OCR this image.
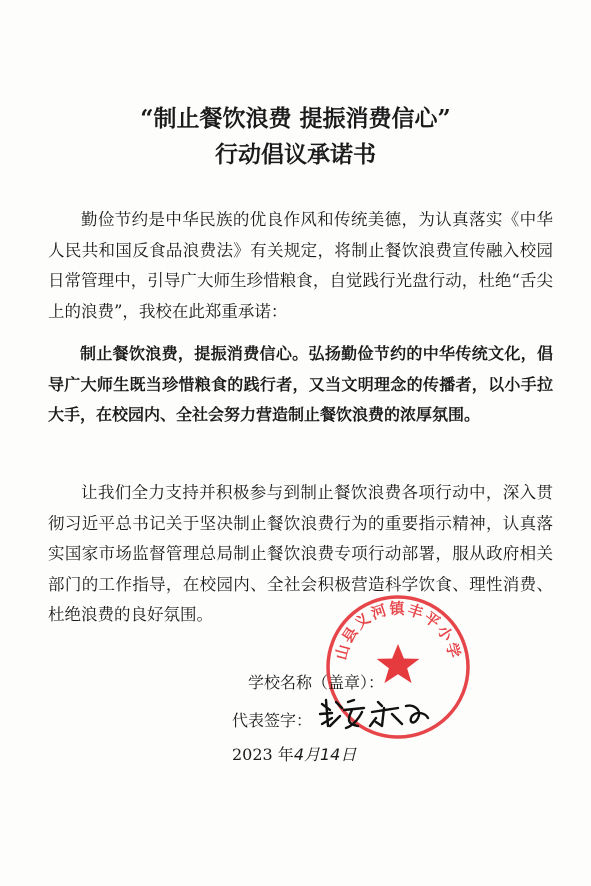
“制止餐饮浪费 提振消费信心”
行动倡议承诺书

勤俭节约是中华民族的优良作风和传统美德，为认真落实《中华人民共和国反食品浪费法》有关规定，将制止餐饮浪费宣传融入校园日常管理中，引导广大师生珍惜粮食，自觉践行光盘行动，杜绝“舌尖上的浪费”，我校在此郑重承诺：

制止餐饮浪费，提振消费信心。弘扬勤俭节约的中华传统文化，倡导广大师生既当珍惜粮食的践行者，又当文明理念的传播者，以小手拉大手，在校园内、全社会努力营造制止餐饮浪费的浓厚氛围。

让我们全力支持并积极参与到制止餐饮浪费各项行动中，深入贯彻习近平总书记关于坚决制止餐饮浪费行为的重要指示精神，认真落实国家市场监督管理总局制止餐饮浪费专项行动部署，服从政府相关部门的工作指导，在校园内、全社会积极营造科学饮食、理性消费、杜绝浪费的良好氛围。

山县义河镇丰平小学
学校名称（盖章）：
代表签字：
2023 年4月14日
